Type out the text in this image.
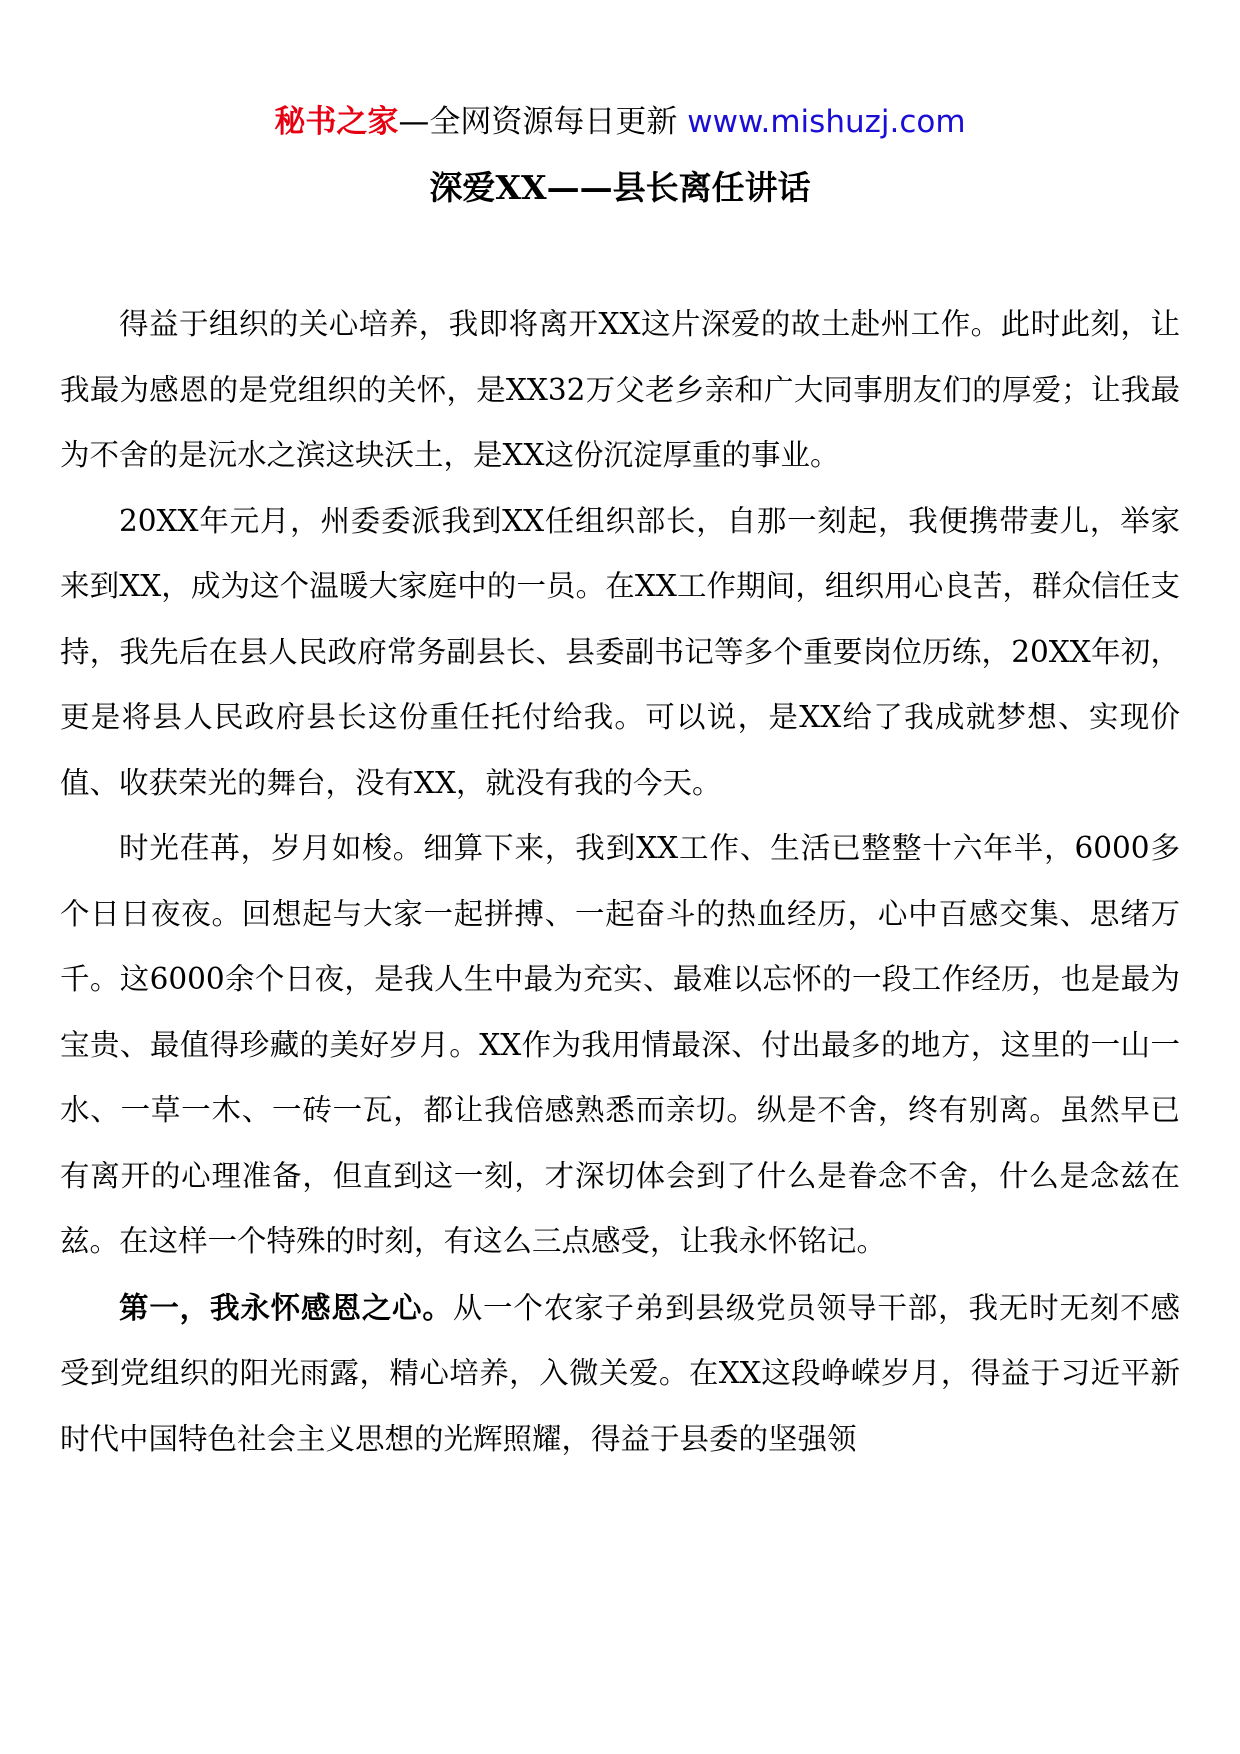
秘书之家—全网资源每日更新 www.mishuzj.com
深爱XX——县长离任讲话

得益于组织的关心培养，我即将离开XX这片深爱的故土赴州工作。此时此刻，让我最为感恩的是党组织的关怀，是XX32万父老乡亲和广大同事朋友们的厚爱；让我最为不舍的是沅水之滨这块沃土，是XX这份沉淀厚重的事业。

20XX年元月，州委委派我到XX任组织部长，自那一刻起，我便携带妻儿，举家来到XX，成为这个温暖大家庭中的一员。在XX工作期间，组织用心良苦，群众信任支持，我先后在县人民政府常务副县长、县委副书记等多个重要岗位历练，20XX年初，更是将县人民政府县长这份重任托付给我。可以说，是XX给了我成就梦想、实现价值、收获荣光的舞台，没有XX，就没有我的今天。

时光荏苒，岁月如梭。细算下来，我到XX工作、生活已整整十六年半，6000多个日日夜夜。回想起与大家一起拼搏、一起奋斗的热血经历，心中百感交集、思绪万千。这6000余个日夜，是我人生中最为充实、最难以忘怀的一段工作经历，也是最为宝贵、最值得珍藏的美好岁月。XX作为我用情最深、付出最多的地方，这里的一山一水、一草一木、一砖一瓦，都让我倍感熟悉而亲切。纵是不舍，终有别离。虽然早已有离开的心理准备，但直到这一刻，才深切体会到了什么是眷念不舍，什么是念兹在兹。在这样一个特殊的时刻，有这么三点感受，让我永怀铭记。

第一，我永怀感恩之心。从一个农家子弟到县级党员领导干部，我无时无刻不感受到党组织的阳光雨露，精心培养，入微关爱。在XX这段峥嵘岁月，得益于习近平新时代中国特色社会主义思想的光辉照耀，得益于县委的坚强领
